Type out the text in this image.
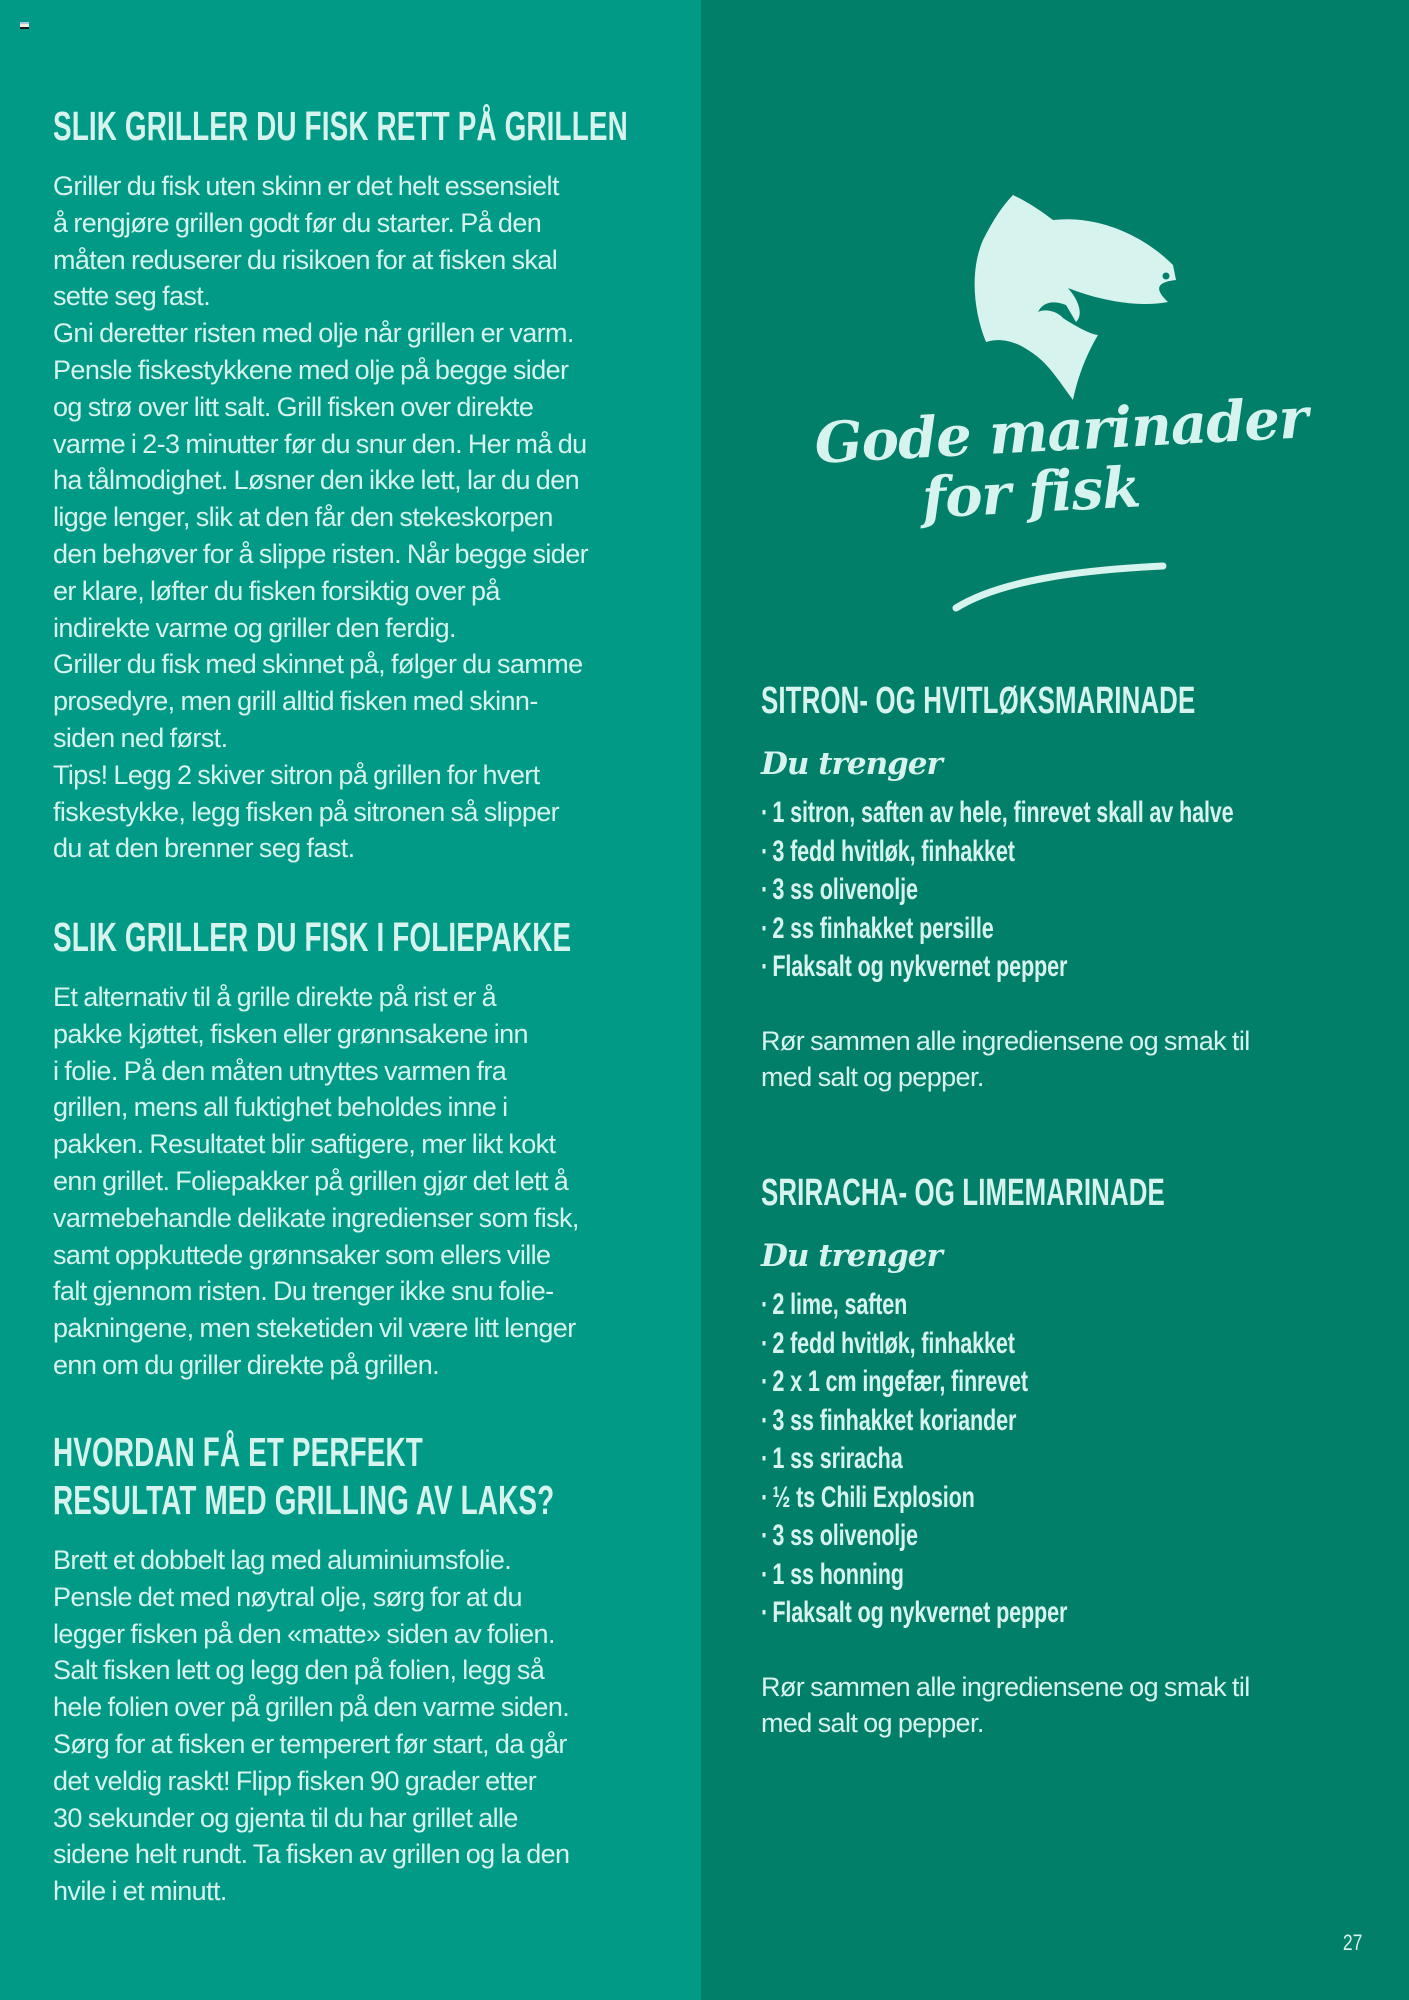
SLIK GRILLER DU FISK RETT PÅ GRILLEN
Griller du fisk uten skinn er det helt essensielt
å rengjøre grillen godt før du starter. På den
måten reduserer du risikoen for at fisken skal
sette seg fast.
Gni deretter risten med olje når grillen er varm.
Pensle fiskestykkene med olje på begge sider
og strø over litt salt. Grill fisken over direkte
varme i 2-3 minutter før du snur den. Her må du
ha tålmodighet. Løsner den ikke lett, lar du den
ligge lenger, slik at den får den stekeskorpen
den behøver for å slippe risten. Når begge sider
er klare, løfter du fisken forsiktig over på
indirekte varme og griller den ferdig.
Griller du fisk med skinnet på, følger du samme
prosedyre, men grill alltid fisken med skinn-
siden ned først.
Tips! Legg 2 skiver sitron på grillen for hvert
fiskestykke, legg fisken på sitronen så slipper
du at den brenner seg fast.
SLIK GRILLER DU FISK I FOLIEPAKKE
Et alternativ til å grille direkte på rist er å
pakke kjøttet, fisken eller grønnsakene inn
i folie. På den måten utnyttes varmen fra
grillen, mens all fuktighet beholdes inne i
pakken. Resultatet blir saftigere, mer likt kokt
enn grillet. Foliepakker på grillen gjør det lett å
varmebehandle delikate ingredienser som fisk,
samt oppkuttede grønnsaker som ellers ville
falt gjennom risten. Du trenger ikke snu folie-
pakningene, men steketiden vil være litt lenger
enn om du griller direkte på grillen.
HVORDAN FÅ ET PERFEKT
RESULTAT MED GRILLING AV LAKS?
Brett et dobbelt lag med aluminiumsfolie.
Pensle det med nøytral olje, sørg for at du
legger fisken på den «matte» siden av folien.
Salt fisken lett og legg den på folien, legg så
hele folien over på grillen på den varme siden.
Sørg for at fisken er temperert før start, da går
det veldig raskt! Flipp fisken 90 grader etter
30 sekunder og gjenta til du har grillet alle
sidene helt rundt. Ta fisken av grillen og la den
hvile i et minutt.
Gode marinader
for fisk
SITRON- OG HVITLØKSMARINADE
Du trenger
· 1 sitron, saften av hele, finrevet skall av halve
· 3 fedd hvitløk, finhakket
· 3 ss olivenolje
· 2 ss finhakket persille
· Flaksalt og nykvernet pepper
Rør sammen alle ingrediensene og smak til
med salt og pepper.
SRIRACHA- OG LIMEMARINADE
Du trenger
· 2 lime, saften
· 2 fedd hvitløk, finhakket
· 2 x 1 cm ingefær, finrevet
· 3 ss finhakket koriander
· 1 ss sriracha
· ½ ts Chili Explosion
· 3 ss olivenolje
· 1 ss honning
· Flaksalt og nykvernet pepper
Rør sammen alle ingrediensene og smak til
med salt og pepper.
27
